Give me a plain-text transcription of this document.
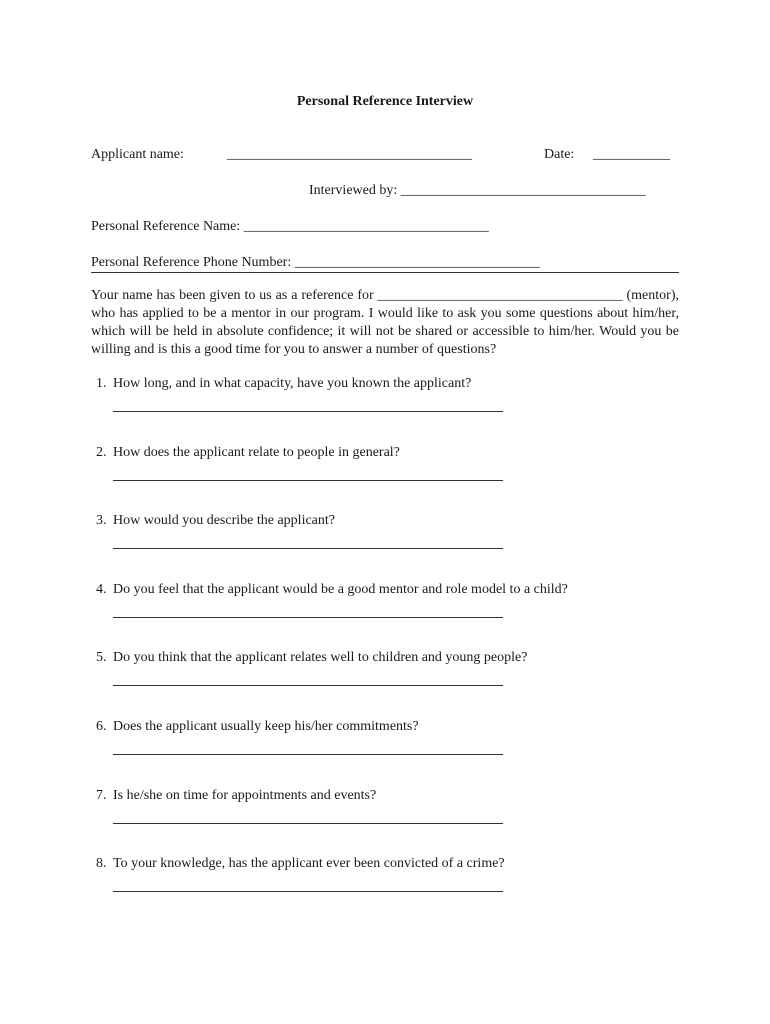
Personal Reference Interview
Applicant name:	___________________________________	Date: ___________
Interviewed by: ___________________________________
Personal Reference Name: ___________________________________
Personal Reference Phone Number: ___________________________________
Your name has been given to us as a reference for ___________________________________ (mentor), who has applied to be a mentor in our program. I would like to ask you some questions about him/her, which will be held in absolute confidence; it will not be shared or accessible to him/her. Would you be willing and is this a good time for you to answer a number of questions?
1. How long, and in what capacity, have you known the applicant?
2. How does the applicant relate to people in general?
3. How would you describe the applicant?
4. Do you feel that the applicant would be a good mentor and role model to a child?
5. Do you think that the applicant relates well to children and young people?
6. Does the applicant usually keep his/her commitments?
7. Is he/she on time for appointments and events?
8. To your knowledge, has the applicant ever been convicted of a crime?
